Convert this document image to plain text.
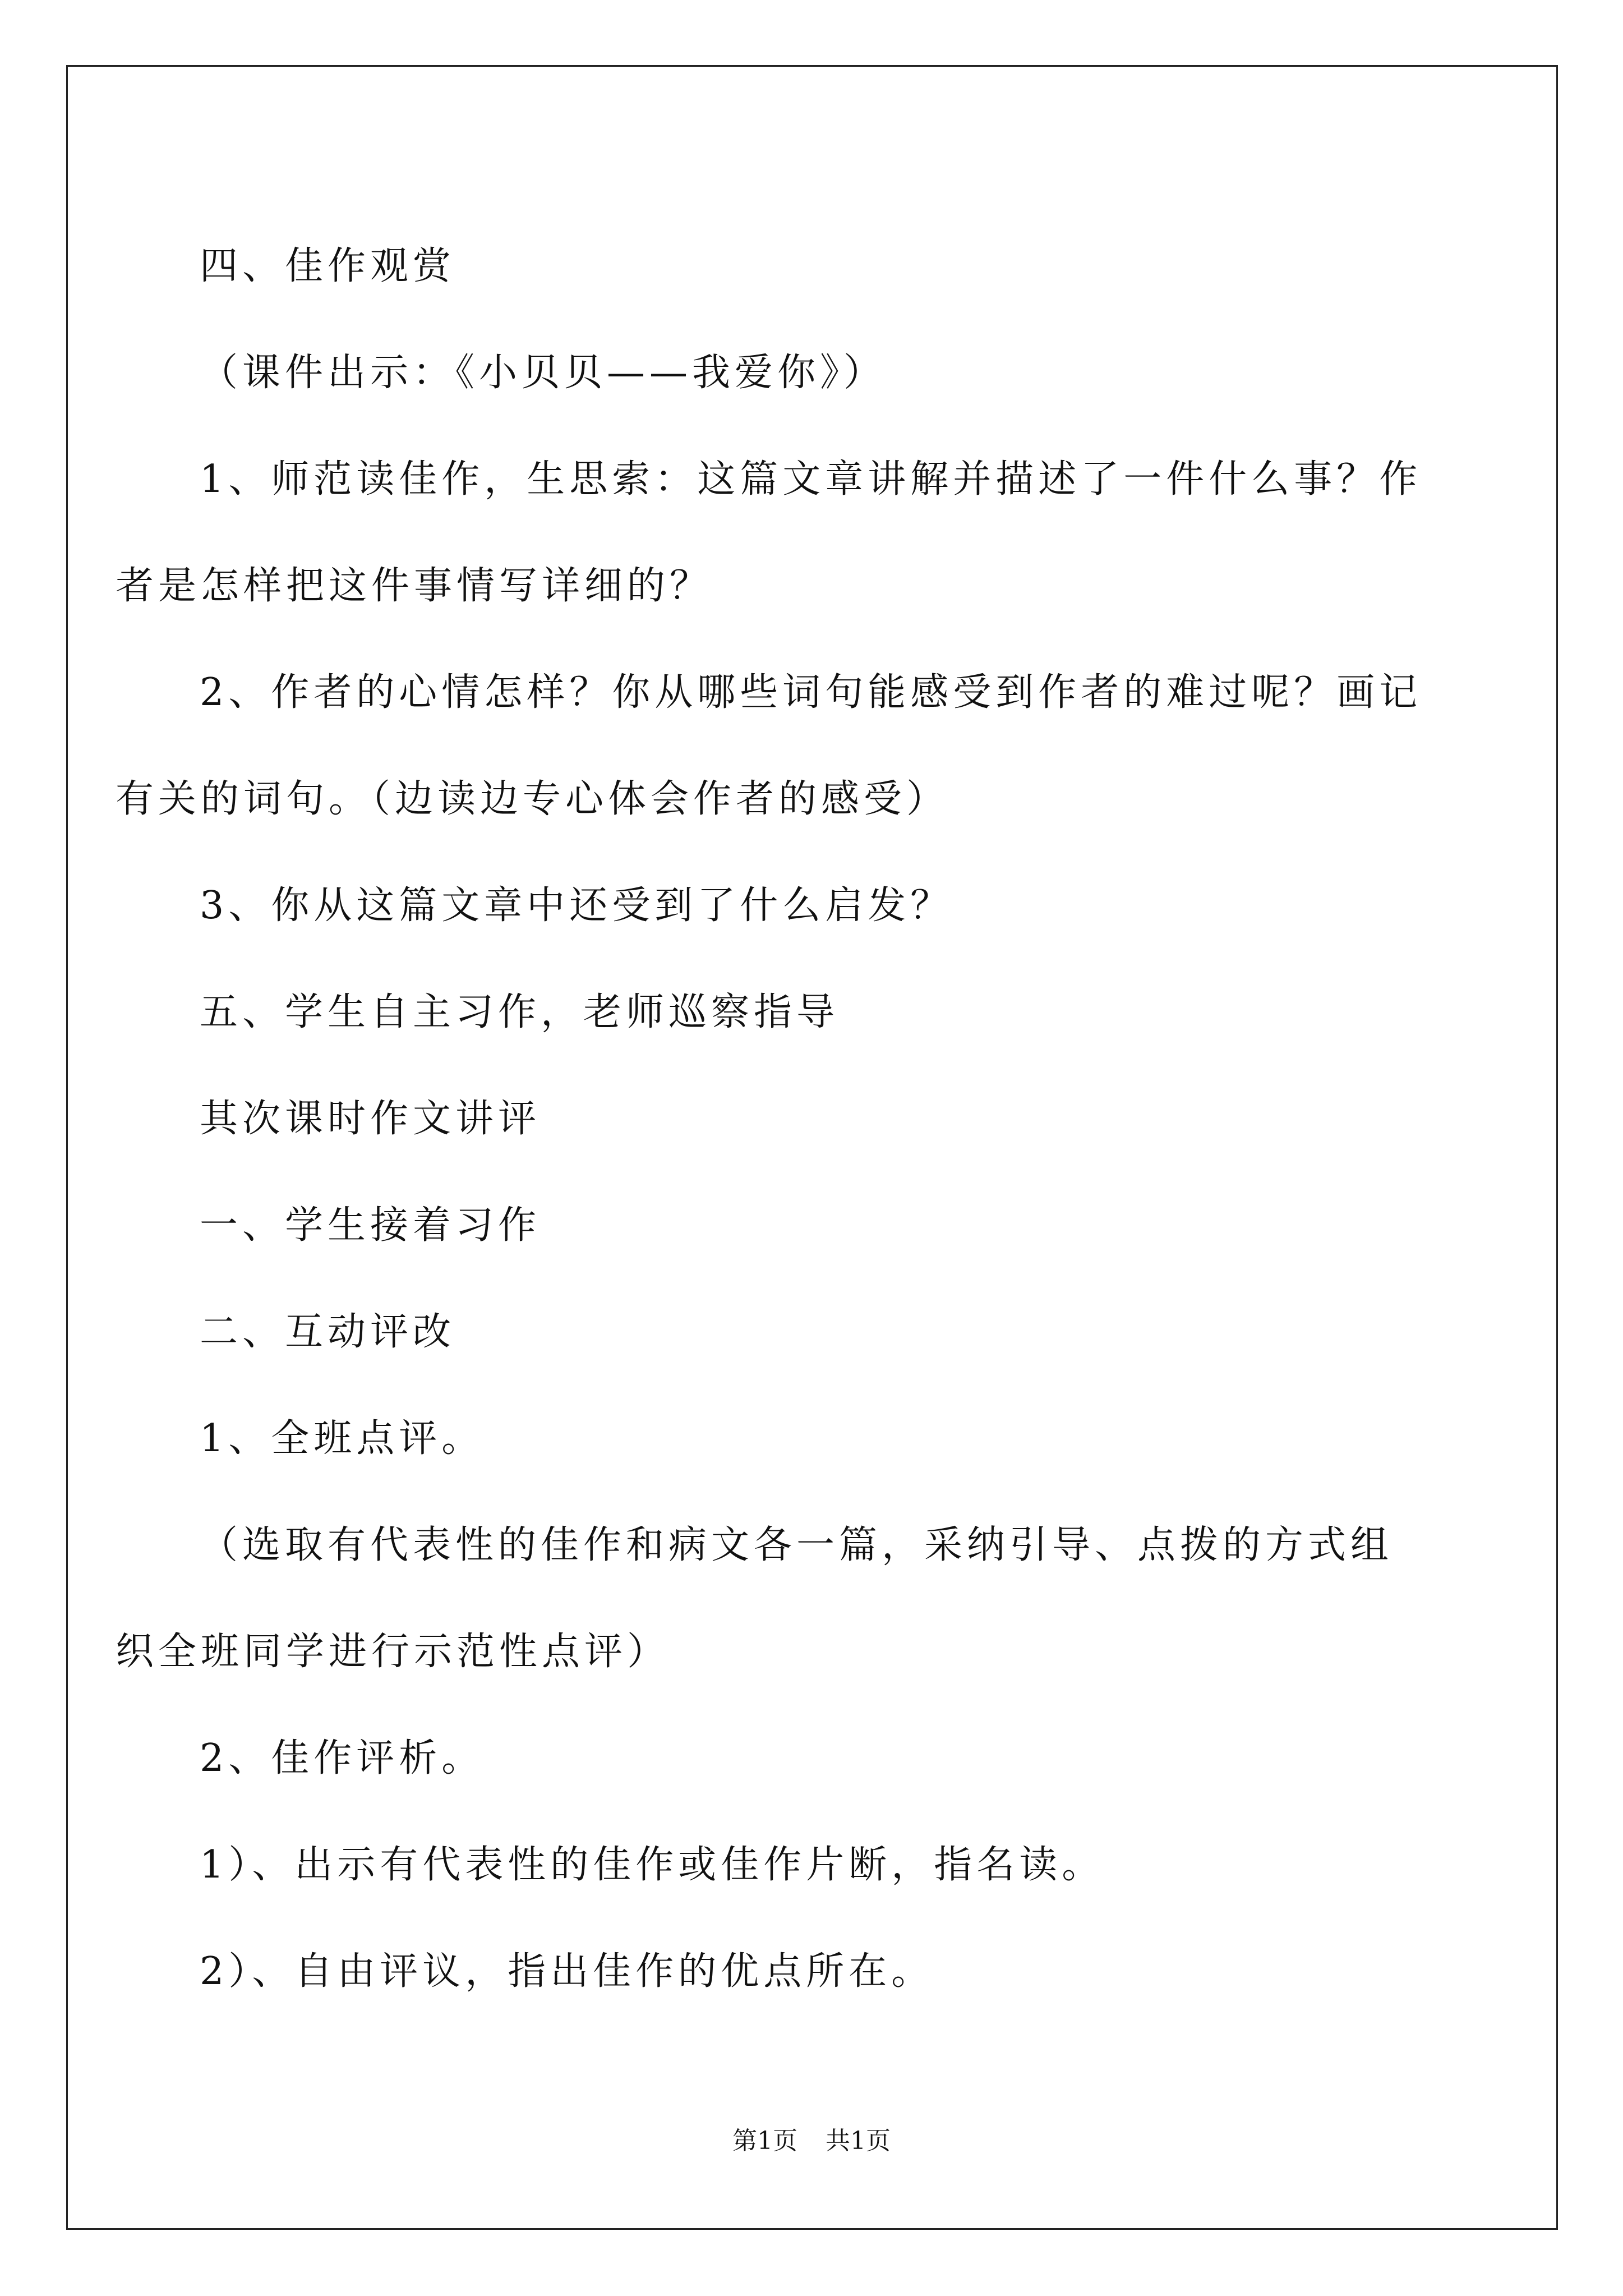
四、佳作观赏

（课件出示：《小贝贝——我爱你》）

1、师范读佳作，生思索：这篇文章讲解并描述了一件什么事？作者是怎样把这件事情写详细的？

2、作者的心情怎样？你从哪些词句能感受到作者的难过呢？画记有关的词句。（边读边专心体会作者的感受）

3、你从这篇文章中还受到了什么启发？

五、学生自主习作，老师巡察指导

其次课时作文讲评

一、学生接着习作

二、互动评改

1、全班点评。

（选取有代表性的佳作和病文各一篇，采纳引导、点拨的方式组织全班同学进行示范性点评）

2、佳作评析。

1）、出示有代表性的佳作或佳作片断，指名读。

2）、自由评议，指出佳作的优点所在。

第1页 共1页
